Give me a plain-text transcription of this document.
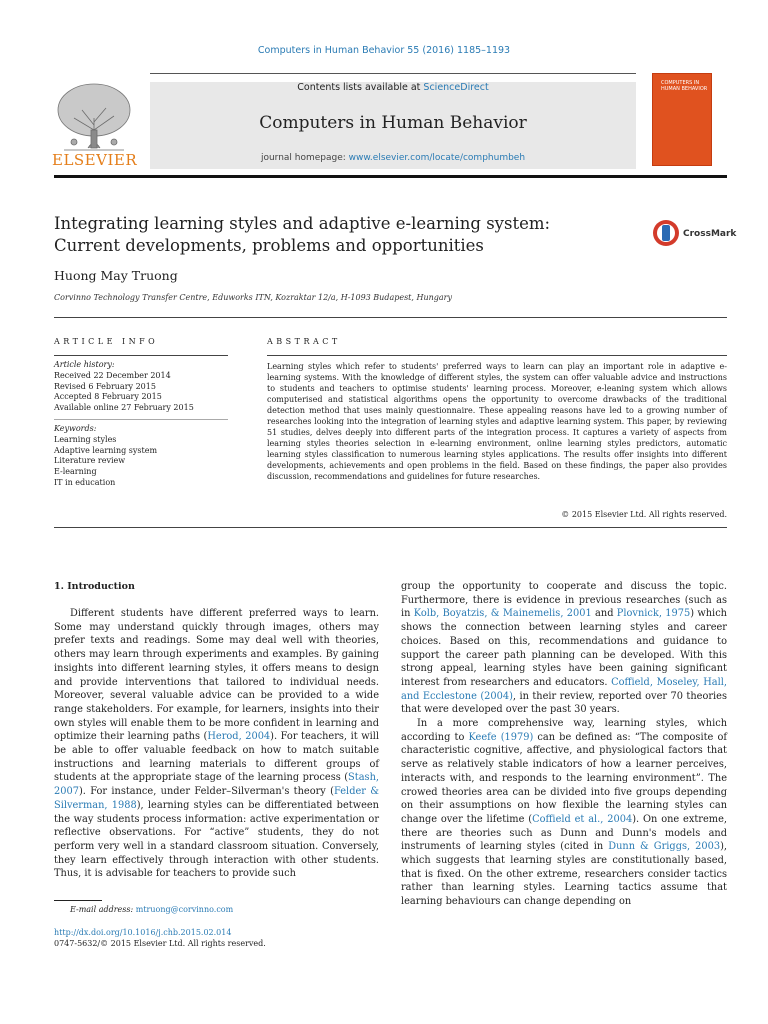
Computers in Human Behavior 55 (2016) 1185–1193
Contents lists available at ScienceDirect
Computers in Human Behavior
journal homepage: www.elsevier.com/locate/comphumbeh
ELSEVIER
COMPUTERS IN HUMAN BEHAVIOR
Integrating learning styles and adaptive e-learning system: Current developments, problems and opportunities
CrossMark
Huong May Truong
Corvinno Technology Transfer Centre, Eduworks ITN, Kozraktar 12/a, H-1093 Budapest, Hungary
ARTICLE INFO	ABSTRACT
Article history:
Received 22 December 2014
Revised 6 February 2015
Accepted 8 February 2015
Available online 27 February 2015
Keywords:
Learning styles
Adaptive learning system
Literature review
E-learning
IT in education
Learning styles which refer to students' preferred ways to learn can play an important role in adaptive e-learning systems. With the knowledge of different styles, the system can offer valuable advice and instructions to students and teachers to optimise students' learning process. Moreover, e-leaning system which allows computerised and statistical algorithms opens the opportunity to overcome drawbacks of the traditional detection method that uses mainly questionnaire. These appealing reasons have led to a growing number of researches looking into the integration of learning styles and adaptive learning system. This paper, by reviewing 51 studies, delves deeply into different parts of the integration process. It captures a variety of aspects from learning styles theories selection in e-learning environment, online learning styles predictors, automatic learning styles classification to numerous learning styles applications. The results offer insights into different developments, achievements and open problems in the field. Based on these findings, the paper also provides discussion, recommendations and guidelines for future researches.
© 2015 Elsevier Ltd. All rights reserved.
1. Introduction

Different students have different preferred ways to learn. Some may understand quickly through images, others may prefer texts and readings. Some may deal well with theories, others may learn through experiments and examples. By gaining insights into different learning styles, it offers means to design and provide interventions that tailored to individual needs. Moreover, several valuable advice can be provided to a wide range stakeholders. For example, for learners, insights into their own styles will enable them to be more confident in learning and optimize their learning paths (Herod, 2004). For teachers, it will be able to offer valuable feedback on how to match suitable instructions and learning materials to different groups of students at the appropriate stage of the learning process (Stash, 2007). For instance, under Felder–Silverman's theory (Felder & Silverman, 1988), learning styles can be differentiated between the way students process information: active experimentation or reflective observations. For “active” students, they do not perform very well in a standard classroom situation. Conversely, they learn effectively through interaction with other students. Thus, it is advisable for teachers to provide such

group the opportunity to cooperate and discuss the topic. Furthermore, there is evidence in previous researches (such as in Kolb, Boyatzis, & Mainemelis, 2001 and Plovnick, 1975) which shows the connection between learning styles and career choices. Based on this, recommendations and guidance to support the career path planning can be developed. With this strong appeal, learning styles have been gaining significant interest from researchers and educators. Coffield, Moseley, Hall, and Ecclestone (2004), in their review, reported over 70 theories that were developed over the past 30 years.

In a more comprehensive way, learning styles, which according to Keefe (1979) can be defined as: “The composite of characteristic cognitive, affective, and physiological factors that serve as relatively stable indicators of how a learner perceives, interacts with, and responds to the learning environment”. The crowed theories area can be divided into five groups depending on their assumptions on how flexible the learning styles can change over the lifetime (Coffield et al., 2004). On one extreme, there are theories such as Dunn and Dunn's models and instruments of learning styles (cited in Dunn & Griggs, 2003), which suggests that learning styles are constitutionally based, that is fixed. On the other extreme, researchers consider tactics rather than learning styles. Learning tactics assume that learning behaviours can change depending on

E-mail address: mtruong@corvinno.com
http://dx.doi.org/10.1016/j.chb.2015.02.014
0747-5632/© 2015 Elsevier Ltd. All rights reserved.
